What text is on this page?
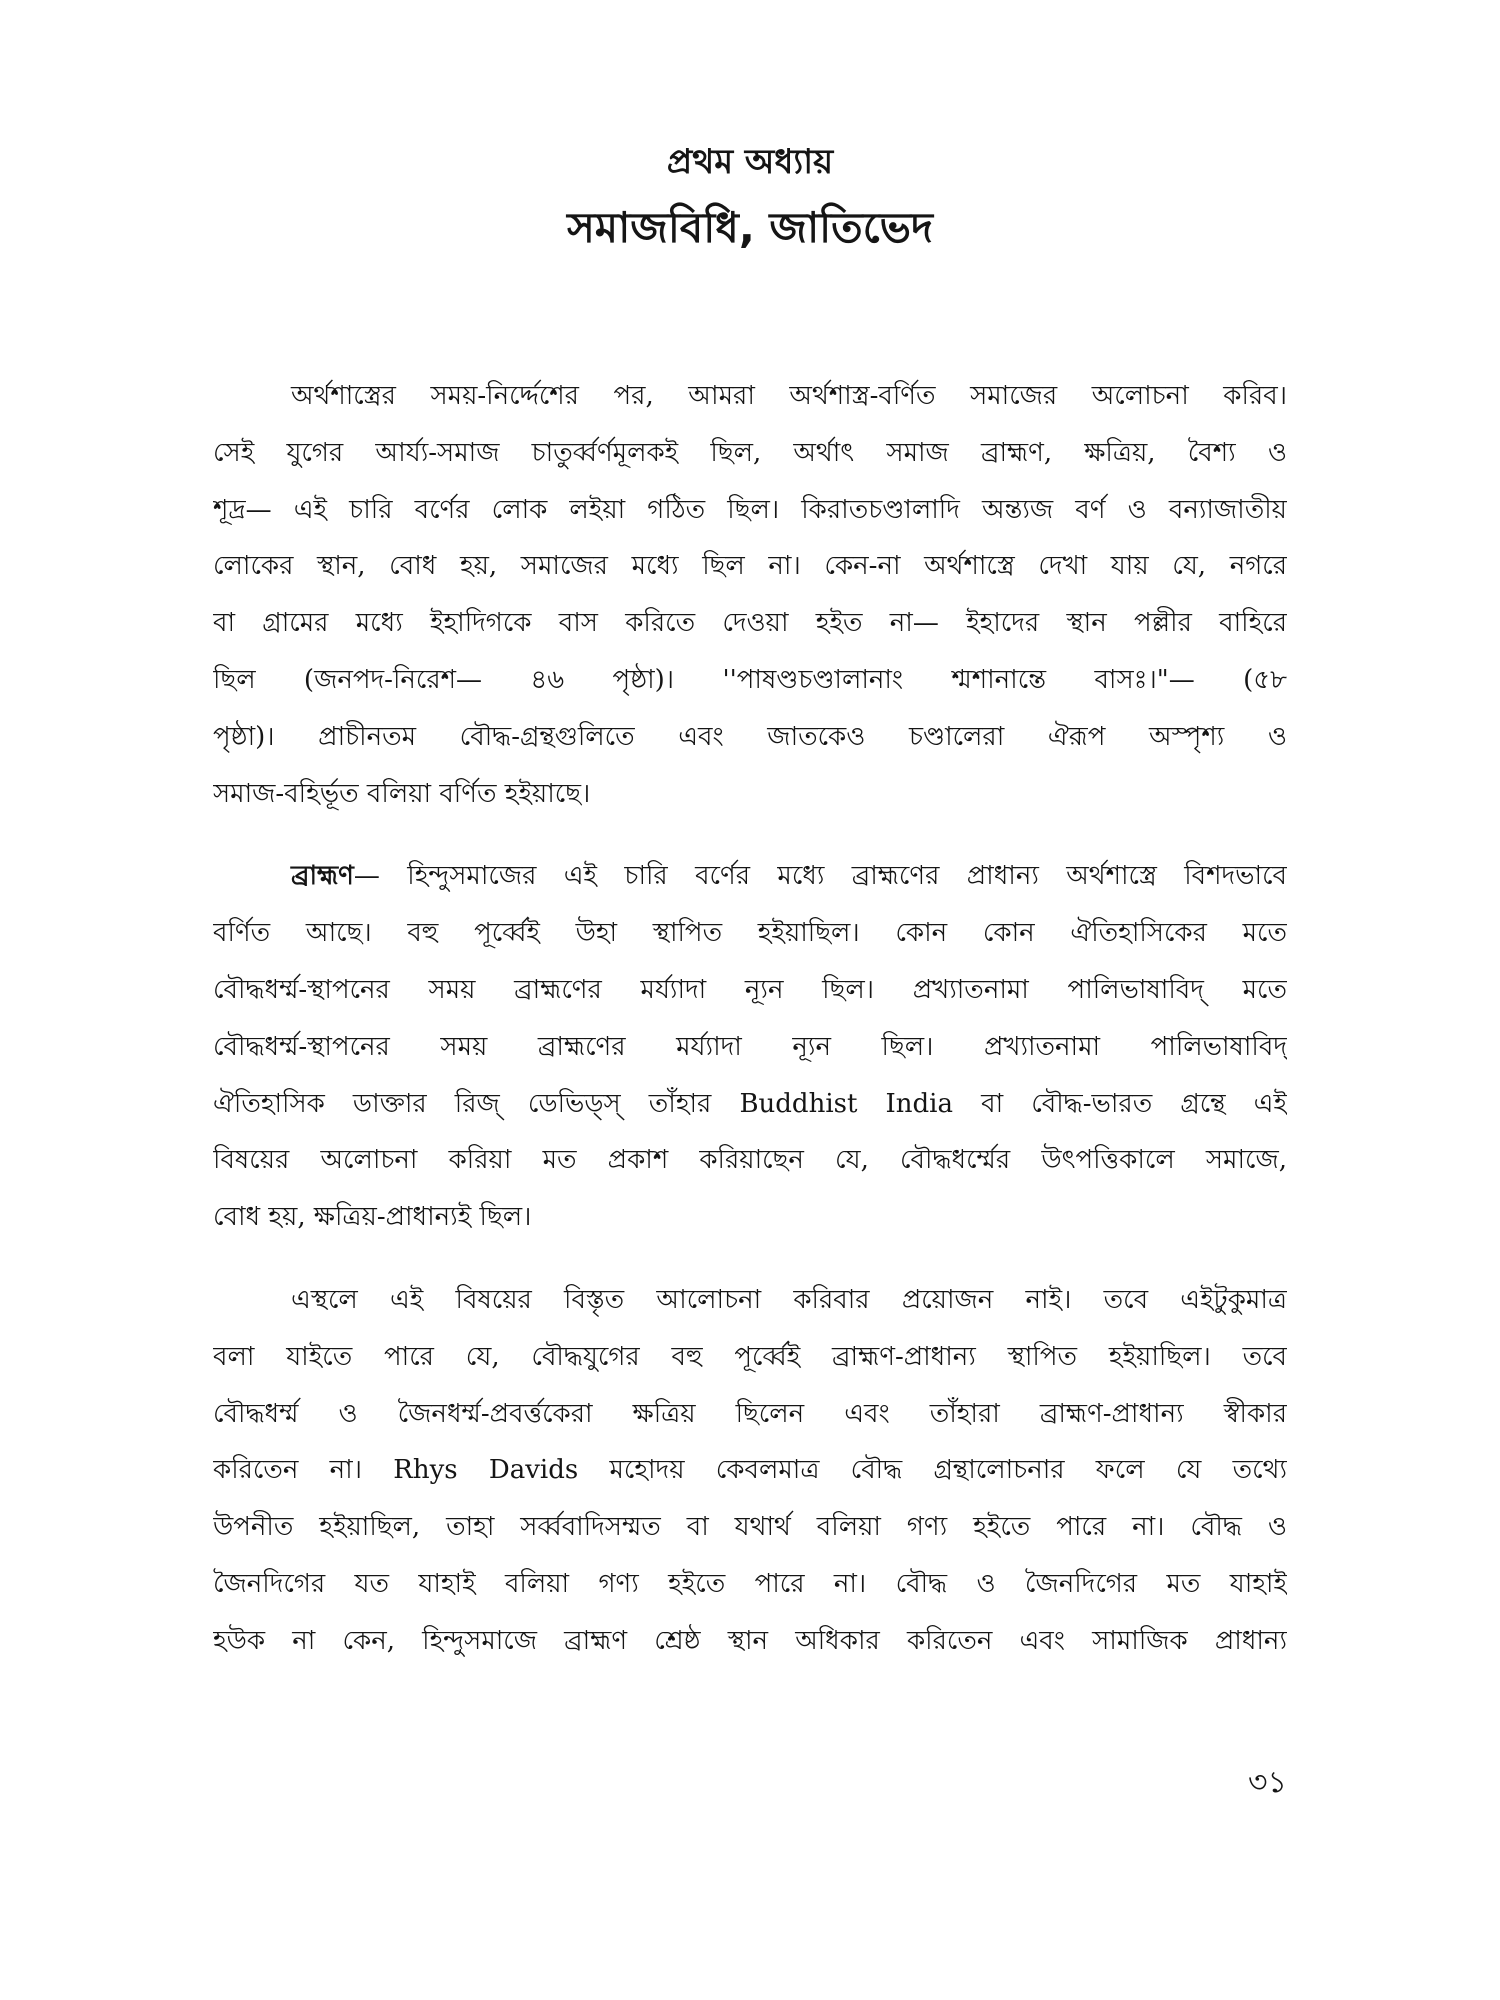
প্রথম অধ্যায়
সমাজবিধি, জাতিভেদ
অর্থশাস্ত্রের সময়-নির্দ্দেশের পর, আমরা অর্থশাস্ত্র-বর্ণিত সমাজের অলোচনা করিব।
সেই যুগের আর্য্য-সমাজ চাতুর্ব্বর্ণমূলকই ছিল, অর্থাৎ সমাজ ব্রাহ্মণ, ক্ষত্রিয়, বৈশ্য ও
শূদ্র— এই চারি বর্ণের লোক লইয়া গঠিত ছিল। কিরাতচণ্ডালাদি অন্ত্যজ বর্ণ ও বন্যাজাতীয়
লোকের স্থান, বোধ হয়, সমাজের মধ্যে ছিল না। কেন-না অর্থশাস্ত্রে দেখা যায় যে, নগরে
বা গ্রামের মধ্যে ইহাদিগকে বাস করিতে দেওয়া হইত না— ইহাদের স্থান পল্লীর বাহিরে
ছিল (জনপদ-নিরেশ— ৪৬ পৃষ্ঠা)। ''পাষণ্ডচণ্ডালানাং শ্মশানান্তে বাসঃ।"— (৫৮
পৃষ্ঠা)। প্রাচীনতম বৌদ্ধ-গ্রন্থগুলিতে এবং জাতকেও চণ্ডালেরা ঐরূপ অস্পৃশ্য ও
সমাজ-বহির্ভূত বলিয়া বর্ণিত হইয়াছে।
ব্রাহ্মণ— হিন্দুসমাজের এই চারি বর্ণের মধ্যে ব্রাহ্মণের প্রাধান্য অর্থশাস্ত্রে বিশদভাবে
বর্ণিত আছে। বহু পূর্ব্বেই উহা স্থাপিত হইয়াছিল। কোন কোন ঐতিহাসিকের মতে
বৌদ্ধধর্ম্ম-স্থাপনের সময় ব্রাহ্মণের মর্য্যাদা ন্যূন ছিল। প্রখ্যাতনামা পালিভাষাবিদ্ মতে
বৌদ্ধধর্ম্ম-স্থাপনের সময় ব্রাহ্মণের মর্য্যাদা ন্যূন ছিল। প্রখ্যাতনামা পালিভাষাবিদ্
ঐতিহাসিক ডাক্তার রিজ্ ডেভিড্স্ তাঁহার Buddhist India বা বৌদ্ধ-ভারত গ্রন্থে এই
বিষয়ের অলোচনা করিয়া মত প্রকাশ করিয়াছেন যে, বৌদ্ধধর্ম্মের উৎপত্তিকালে সমাজে,
বোধ হয়, ক্ষত্রিয়-প্রাধান্যই ছিল।
এস্থলে এই বিষয়ের বিস্তৃত আলোচনা করিবার প্রয়োজন নাই। তবে এইটুকুমাত্র
বলা যাইতে পারে যে, বৌদ্ধযুগের বহু পূর্ব্বেই ব্রাহ্মণ-প্রাধান্য স্থাপিত হইয়াছিল। তবে
বৌদ্ধধর্ম্ম ও জৈনধর্ম্ম-প্রবর্ত্তকেরা ক্ষত্রিয় ছিলেন এবং তাঁহারা ব্রাহ্মণ-প্রাধান্য স্বীকার
করিতেন না। Rhys Davids মহোদয় কেবলমাত্র বৌদ্ধ গ্রন্থালোচনার ফলে যে তথ্যে
উপনীত হইয়াছিল, তাহা সর্ব্ববাদিসম্মত বা যথার্থ বলিয়া গণ্য হইতে পারে না। বৌদ্ধ ও
জৈনদিগের যত যাহাই বলিয়া গণ্য হইতে পারে না। বৌদ্ধ ও জৈনদিগের মত যাহাই
হউক না কেন, হিন্দুসমাজে ব্রাহ্মণ শ্রেষ্ঠ স্থান অধিকার করিতেন এবং সামাজিক প্রাধান্য
৩১
